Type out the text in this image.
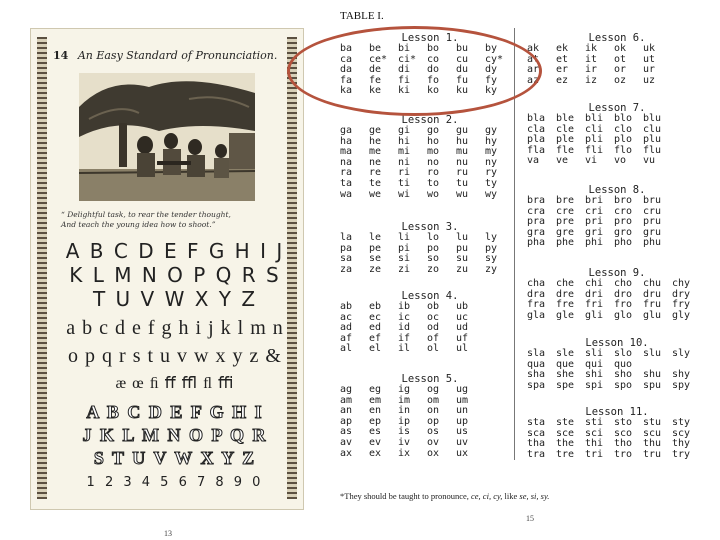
14 An Easy Standard of Pronunciation.
“ Delightful task, to rear the tender thought,
And teach the young idea how to shoot.”
A B C D E F G H I J
K L M N O P Q R S
T U V W X Y Z
a b c d e f g h i j k l m n
o p q r s t u v w x y z &
æ œ ﬁ ﬀ ﬄ ﬂ ﬃ
A B C D E F G H I
J K L M N O P Q R
S T U V W X Y Z
1 2 3 4 5 6 7 8 9 0
13
TABLE I.
Lesson 1.
ba	be	bi	bo	bu	by
ca	ce*	ci*	co	cu	cy*
da	de	di	do	du	dy
fa	fe	fi	fo	fu	fy
ka	ke	ki	ko	ku	ky
Lesson 2.
ga	ge	gi	go	gu	gy
ha	he	hi	ho	hu	hy
ma	me	mi	mo	mu	my
na	ne	ni	no	nu	ny
ra	re	ri	ro	ru	ry
ta	te	ti	to	tu	ty
wa	we	wi	wo	wu	wy
Lesson 3.
la	le	li	lo	lu	ly
pa	pe	pi	po	pu	py
sa	se	si	so	su	sy
za	ze	zi	zo	zu	zy
Lesson 4.
ab	eb	ib	ob	ub
ac	ec	ic	oc	uc
ad	ed	id	od	ud
af	ef	if	of	uf
al	el	il	ol	ul
Lesson 5.
ag	eg	ig	og	ug
am	em	im	om	um
an	en	in	on	un
ap	ep	ip	op	up
as	es	is	os	us
av	ev	iv	ov	uv
ax	ex	ix	ox	ux
Lesson 6.
ak	ek	ik	ok	uk
at	et	it	ot	ut
ar	er	ir	or	ur
az	ez	iz	oz	uz
Lesson 7.
bla	ble	bli	blo	blu
cla	cle	cli	clo	clu
pla	ple	pli	plo	plu
fla	fle	fli	flo	flu
va	ve	vi	vo	vu
Lesson 8.
bra	bre	bri	bro	bru
cra	cre	cri	cro	cru
pra	pre	pri	pro	pru
gra	gre	gri	gro	gru
pha	phe	phi	pho	phu
Lesson 9.
cha	che	chi	cho	chu	chy
dra	dre	dri	dro	dru	dry
fra	fre	fri	fro	fru	fry
gla	gle	gli	glo	glu	gly
Lesson 10.
sla	sle	sli	slo	slu	sly
qua	que	qui	quo
sha	she	shi	sho	shu	shy
spa	spe	spi	spo	spu	spy
Lesson 11.
sta	ste	sti	sto	stu	sty
sca	sce	sci	sco	scu	scy
tha	the	thi	tho	thu	thy
tra	tre	tri	tro	tru	try
*They should be taught to pronounce, ce, ci, cy, like se, si, sy.
15
